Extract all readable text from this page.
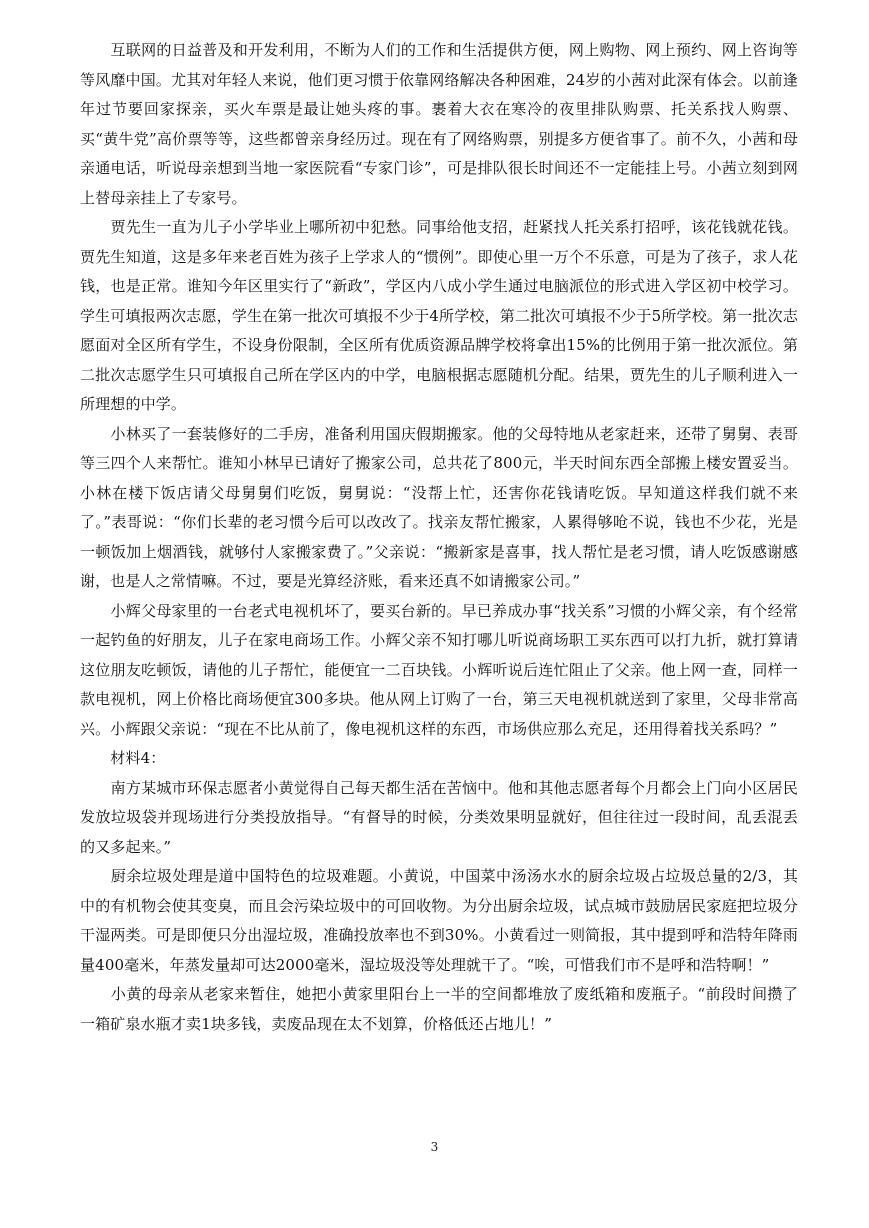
　　互联网的日益普及和开发利用，不断为人们的工作和生活提供方便，网上购物、网上预约、网上咨询等等风靡中国。尤其对年轻人来说，他们更习惯于依靠网络解决各种困难，24岁的小茜对此深有体会。以前逢年过节要回家探亲，买火车票是最让她头疼的事。裹着大衣在寒冷的夜里排队购票、托关系找人购票、买“黄牛党”高价票等等，这些都曾亲身经历过。现在有了网络购票，别提多方便省事了。前不久，小茜和母亲通电话，听说母亲想到当地一家医院看“专家门诊”，可是排队很长时间还不一定能挂上号。小茜立刻到网上替母亲挂上了专家号。

　　贾先生一直为儿子小学毕业上哪所初中犯愁。同事给他支招，赶紧找人托关系打招呼，该花钱就花钱。贾先生知道，这是多年来老百姓为孩子上学求人的“惯例”。即使心里一万个不乐意，可是为了孩子，求人花钱，也是正常。谁知今年区里实行了“新政”，学区内八成小学生通过电脑派位的形式进入学区初中校学习。学生可填报两次志愿，学生在第一批次可填报不少于4所学校，第二批次可填报不少于5所学校。第一批次志愿面对全区所有学生，不设身份限制，全区所有优质资源品牌学校将拿出15%的比例用于第一批次派位。第二批次志愿学生只可填报自己所在学区内的中学，电脑根据志愿随机分配。结果，贾先生的儿子顺利进入一所理想的中学。

　　小林买了一套装修好的二手房，准备利用国庆假期搬家。他的父母特地从老家赶来，还带了舅舅、表哥等三四个人来帮忙。谁知小林早已请好了搬家公司，总共花了800元，半天时间东西全部搬上楼安置妥当。小林在楼下饭店请父母舅舅们吃饭，舅舅说：“没帮上忙，还害你花钱请吃饭。早知道这样我们就不来了。”表哥说：“你们长辈的老习惯今后可以改改了。找亲友帮忙搬家，人累得够呛不说，钱也不少花，光是一顿饭加上烟酒钱，就够付人家搬家费了。”父亲说：“搬新家是喜事，找人帮忙是老习惯，请人吃饭感谢感谢，也是人之常情嘛。不过，要是光算经济账，看来还真不如请搬家公司。”

　　小辉父母家里的一台老式电视机坏了，要买台新的。早已养成办事“找关系”习惯的小辉父亲，有个经常一起钓鱼的好朋友，儿子在家电商场工作。小辉父亲不知打哪儿听说商场职工买东西可以打九折，就打算请这位朋友吃顿饭，请他的儿子帮忙，能便宜一二百块钱。小辉听说后连忙阻止了父亲。他上网一查，同样一款电视机，网上价格比商场便宜300多块。他从网上订购了一台，第三天电视机就送到了家里，父母非常高兴。小辉跟父亲说：“现在不比从前了，像电视机这样的东西，市场供应那么充足，还用得着找关系吗？”

　　材料4：

　　南方某城市环保志愿者小黄觉得自己每天都生活在苦恼中。他和其他志愿者每个月都会上门向小区居民发放垃圾袋并现场进行分类投放指导。“有督导的时候，分类效果明显就好，但往往过一段时间，乱丢混丢的又多起来。”

　　厨余垃圾处理是道中国特色的垃圾难题。小黄说，中国菜中汤汤水水的厨余垃圾占垃圾总量的2/3，其中的有机物会使其变臭，而且会污染垃圾中的可回收物。为分出厨余垃圾，试点城市鼓励居民家庭把垃圾分干湿两类。可是即便只分出湿垃圾，准确投放率也不到30%。小黄看过一则简报，其中提到呼和浩特年降雨量400毫米，年蒸发量却可达2000毫米，湿垃圾没等处理就干了。“唉，可惜我们市不是呼和浩特啊！”

　　小黄的母亲从老家来暂住，她把小黄家里阳台上一半的空间都堆放了废纸箱和废瓶子。“前段时间攒了一箱矿泉水瓶才卖1块多钱，卖废品现在太不划算，价格低还占地儿！”

3
